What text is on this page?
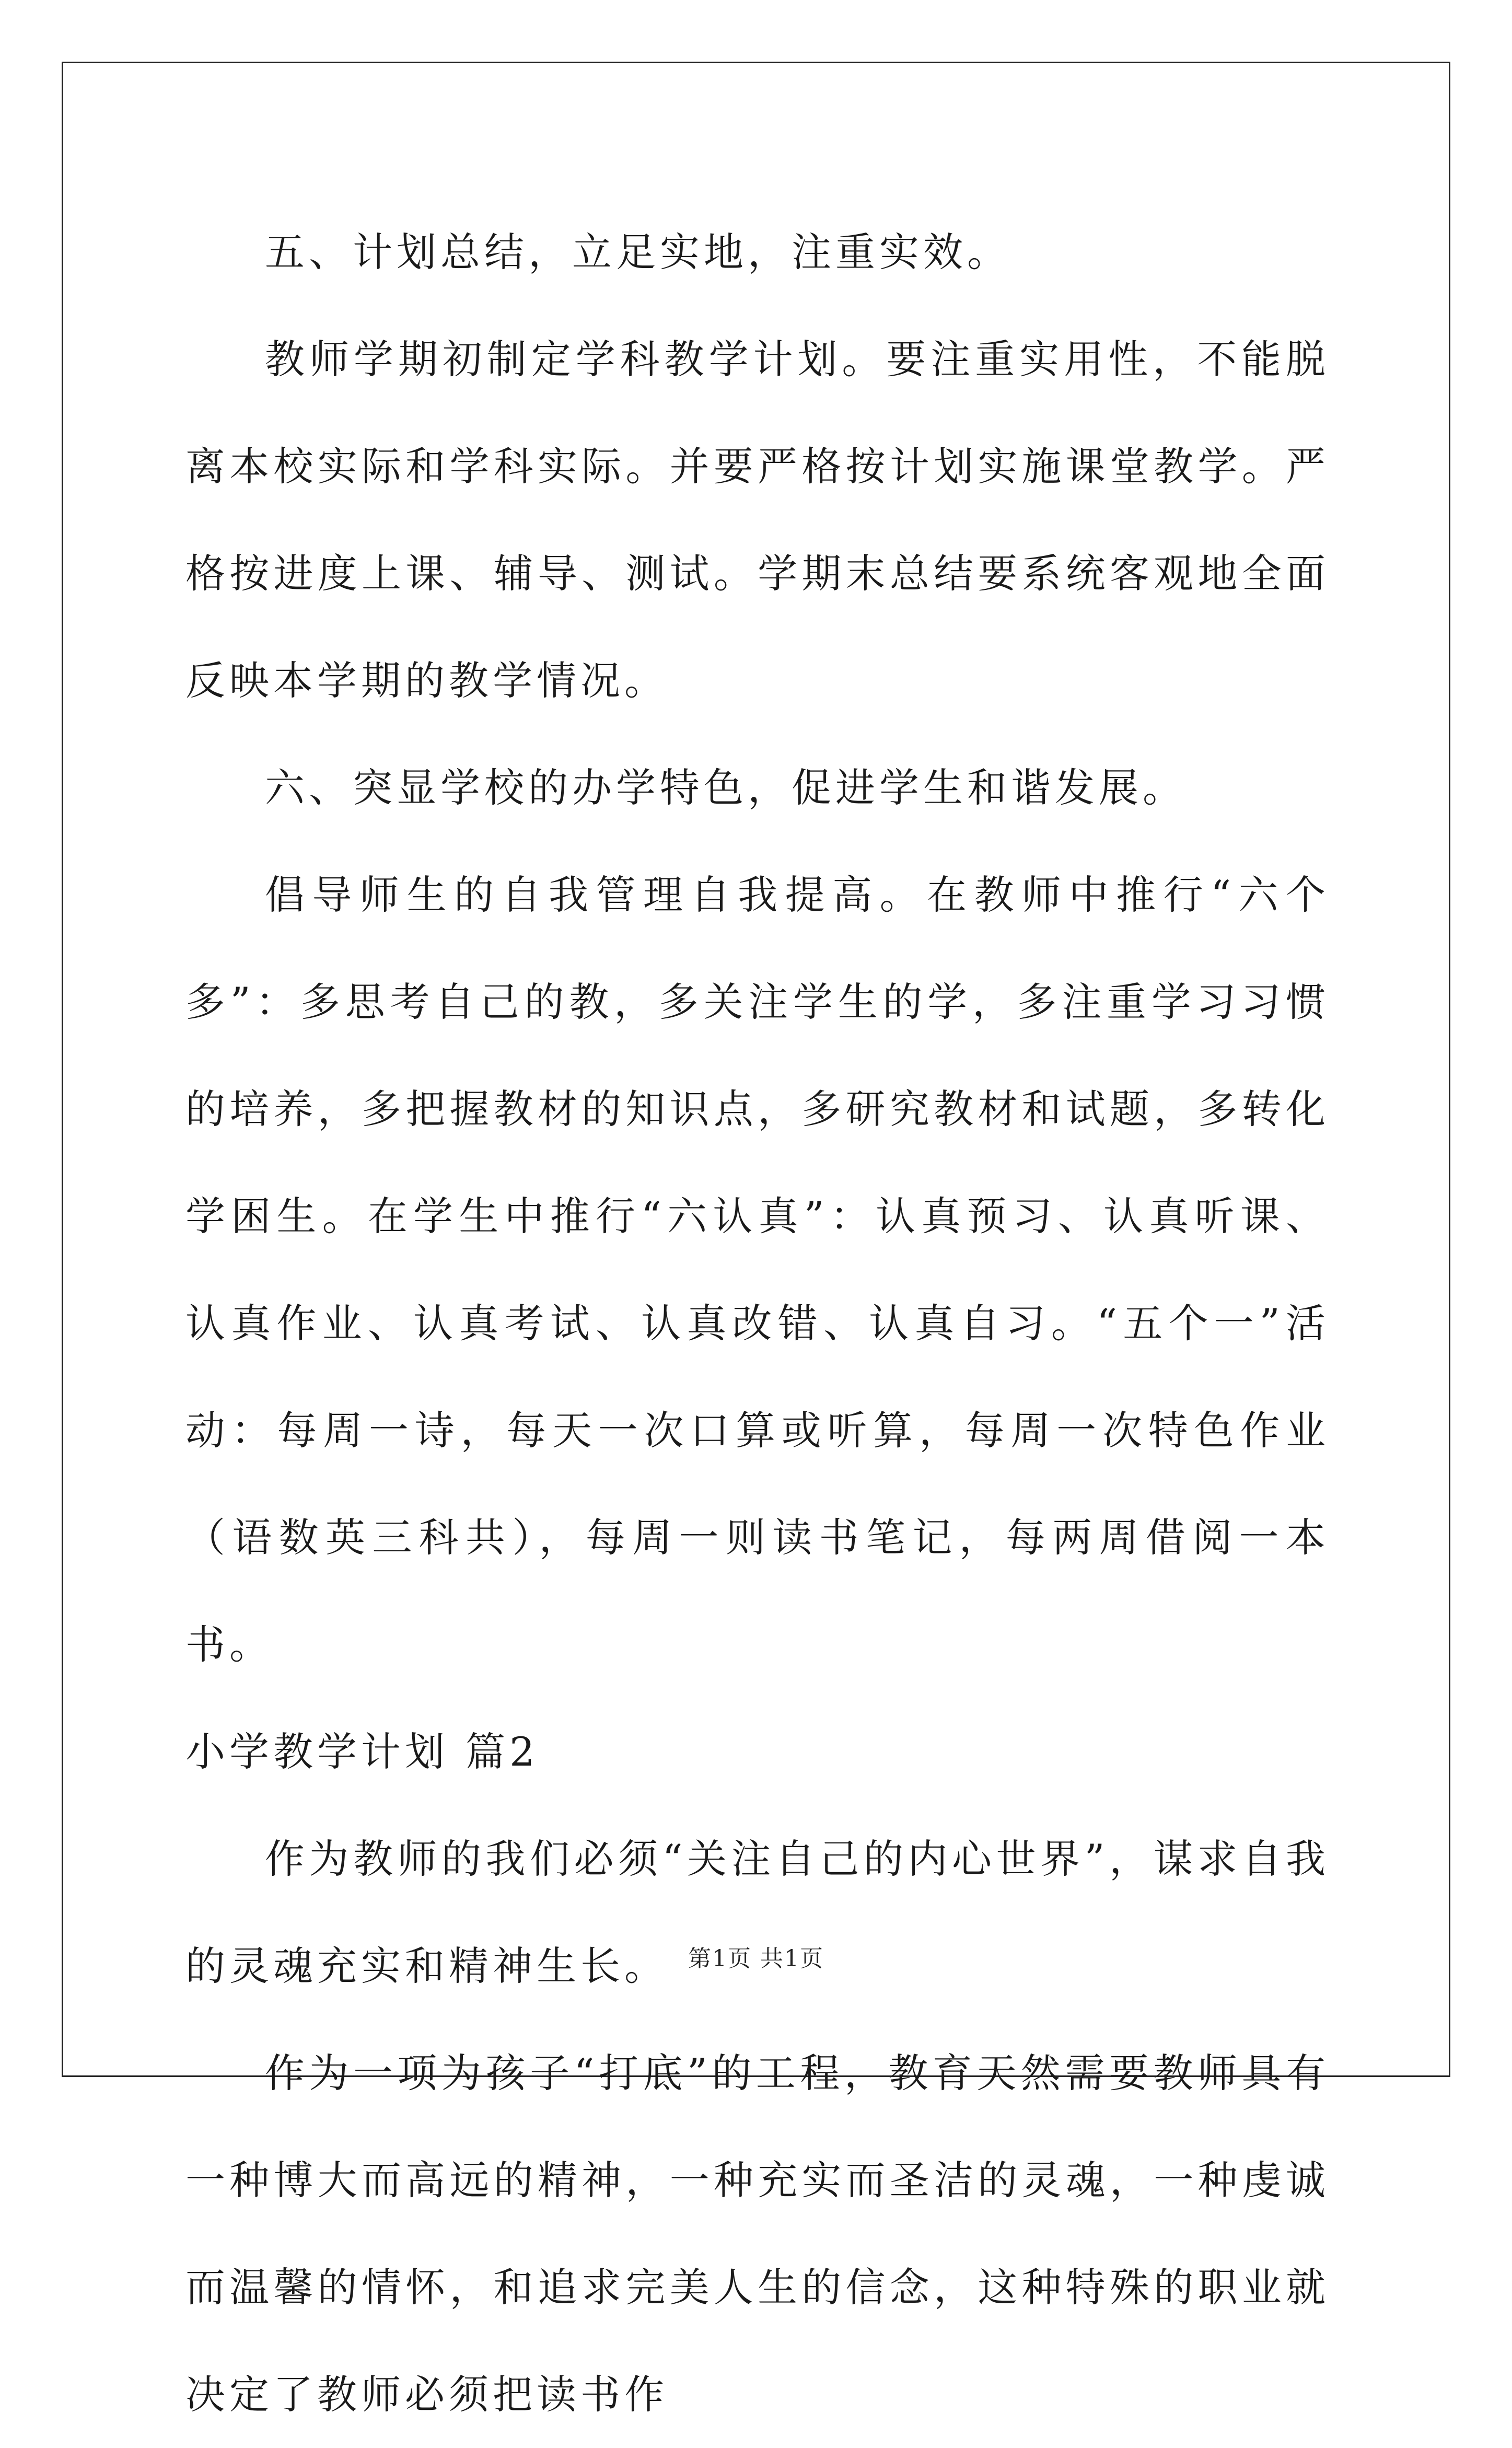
五、计划总结，立足实地，注重实效。

教师学期初制定学科教学计划。要注重实用性，不能脱离本校实际和学科实际。并要严格按计划实施课堂教学。严格按进度上课、辅导、测试。学期末总结要系统客观地全面反映本学期的教学情况。

六、突显学校的办学特色，促进学生和谐发展。

倡导师生的自我管理自我提高。在教师中推行“六个多”：多思考自己的教，多关注学生的学，多注重学习习惯的培养，多把握教材的知识点，多研究教材和试题，多转化学困生。在学生中推行“六认真”：认真预习、认真听课、认真作业、认真考试、认真改错、认真自习。“五个一”活动：每周一诗，每天一次口算或听算，每周一次特色作业（语数英三科共），每周一则读书笔记，每两周借阅一本书。

小学教学计划 篇2

作为教师的我们必须“关注自己的内心世界”，谋求自我的灵魂充实和精神生长。

作为一项为孩子“打底”的工程，教育天然需要教师具有一种博大而高远的精神，一种充实而圣洁的灵魂，一种虔诚而温馨的情怀，和追求完美人生的信念，这种特殊的职业就决定了教师必须把读书作

第1页 共1页
